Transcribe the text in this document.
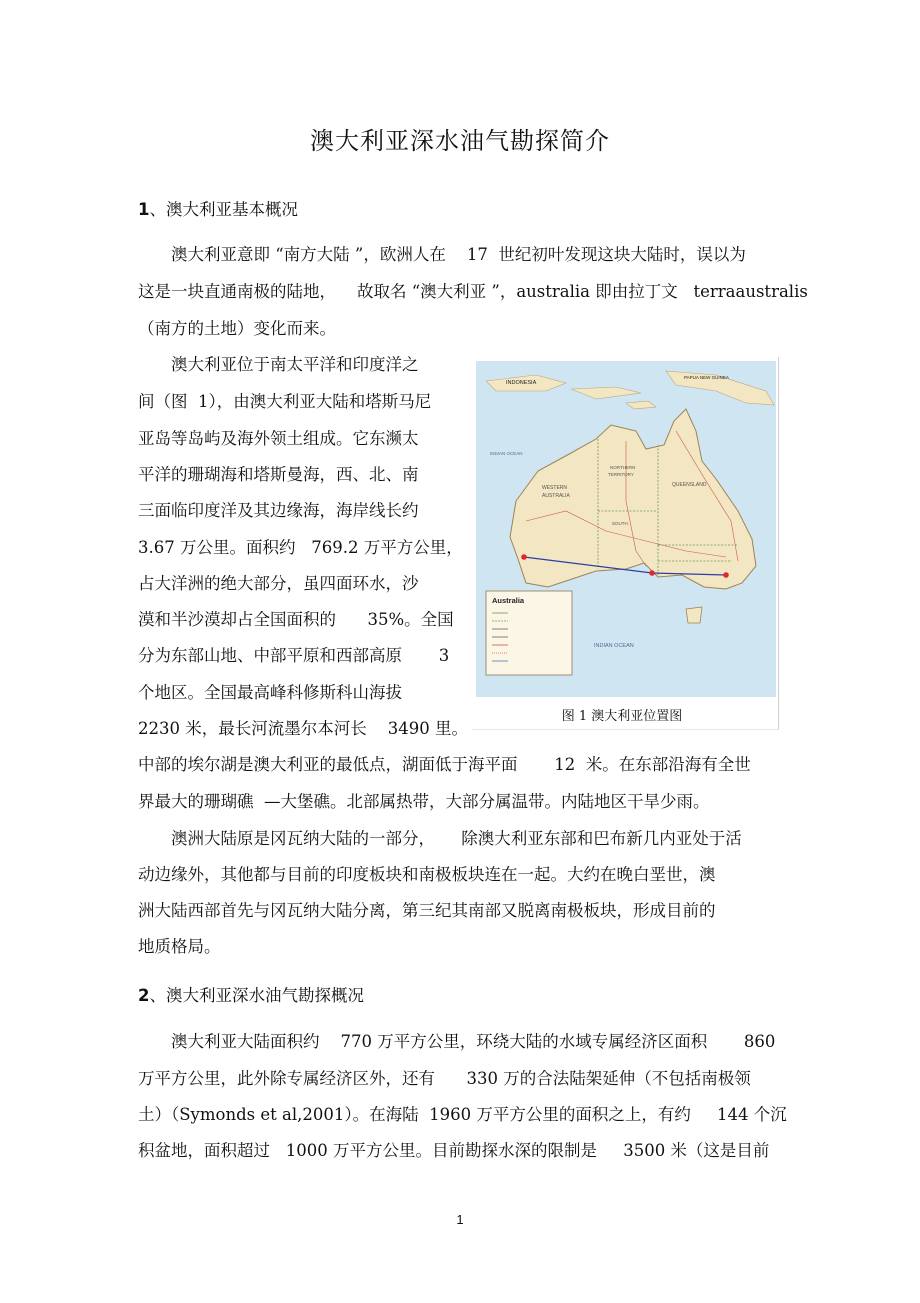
澳大利亚深水油气勘探简介
1、澳大利亚基本概况
澳大利亚意即 “南方大陆 ”，欧洲人在    17  世纪初叶发现这块大陆时，误以为
这是一块直通南极的陆地，    故取名 “澳大利亚 ”，australia 即由拉丁文   terraaustralis
（南方的土地）变化而来。
澳大利亚位于南太平洋和印度洋之
间（图  1），由澳大利亚大陆和塔斯马尼
亚岛等岛屿及海外领土组成。它东濒太
平洋的珊瑚海和塔斯曼海，西、北、南
三面临印度洋及其边缘海，海岸线长约
3.67 万公里。面积约   769.2 万平方公里，
占大洋洲的绝大部分，虽四面环水，沙
漠和半沙漠却占全国面积的      35%。全国
分为东部山地、中部平原和西部高原       3
个地区。全国最高峰科修斯科山海拔
2230 米，最长河流墨尔本河长    3490 里。
中部的埃尔湖是澳大利亚的最低点，湖面低于海平面       12  米。在东部沿海有全世
界最大的珊瑚礁  —大堡礁。北部属热带，大部分属温带。内陆地区干旱少雨。
澳洲大陆原是冈瓦纳大陆的一部分，     除澳大利亚东部和巴布新几内亚处于活
动边缘外，其他都与目前的印度板块和南极板块连在一起。大约在晚白垩世，澳
洲大陆西部首先与冈瓦纳大陆分离，第三纪其南部又脱离南极板块，形成目前的
地质格局。
2、澳大利亚深水油气勘探概况
澳大利亚大陆面积约    770 万平方公里，环绕大陆的水域专属经济区面积       860
万平方公里，此外除专属经济区外，还有      330 万的合法陆架延伸（不包括南极领
土）（Symonds et al,2001）。在海陆  1960 万平方公里的面积之上，有约     144 个沉
积盆地，面积超过   1000 万平方公里。目前勘探水深的限制是     3500 米（这是目前
INDONESIA
PAPUA NEW GUINEA
INDIAN OCEAN
WESTERN
AUSTRALIA
NORTHERN
TERRITORY
QUEENSLAND
SOUTH
Australia
INDIAN OCEAN
图 1 澳大利亚位置图
1
